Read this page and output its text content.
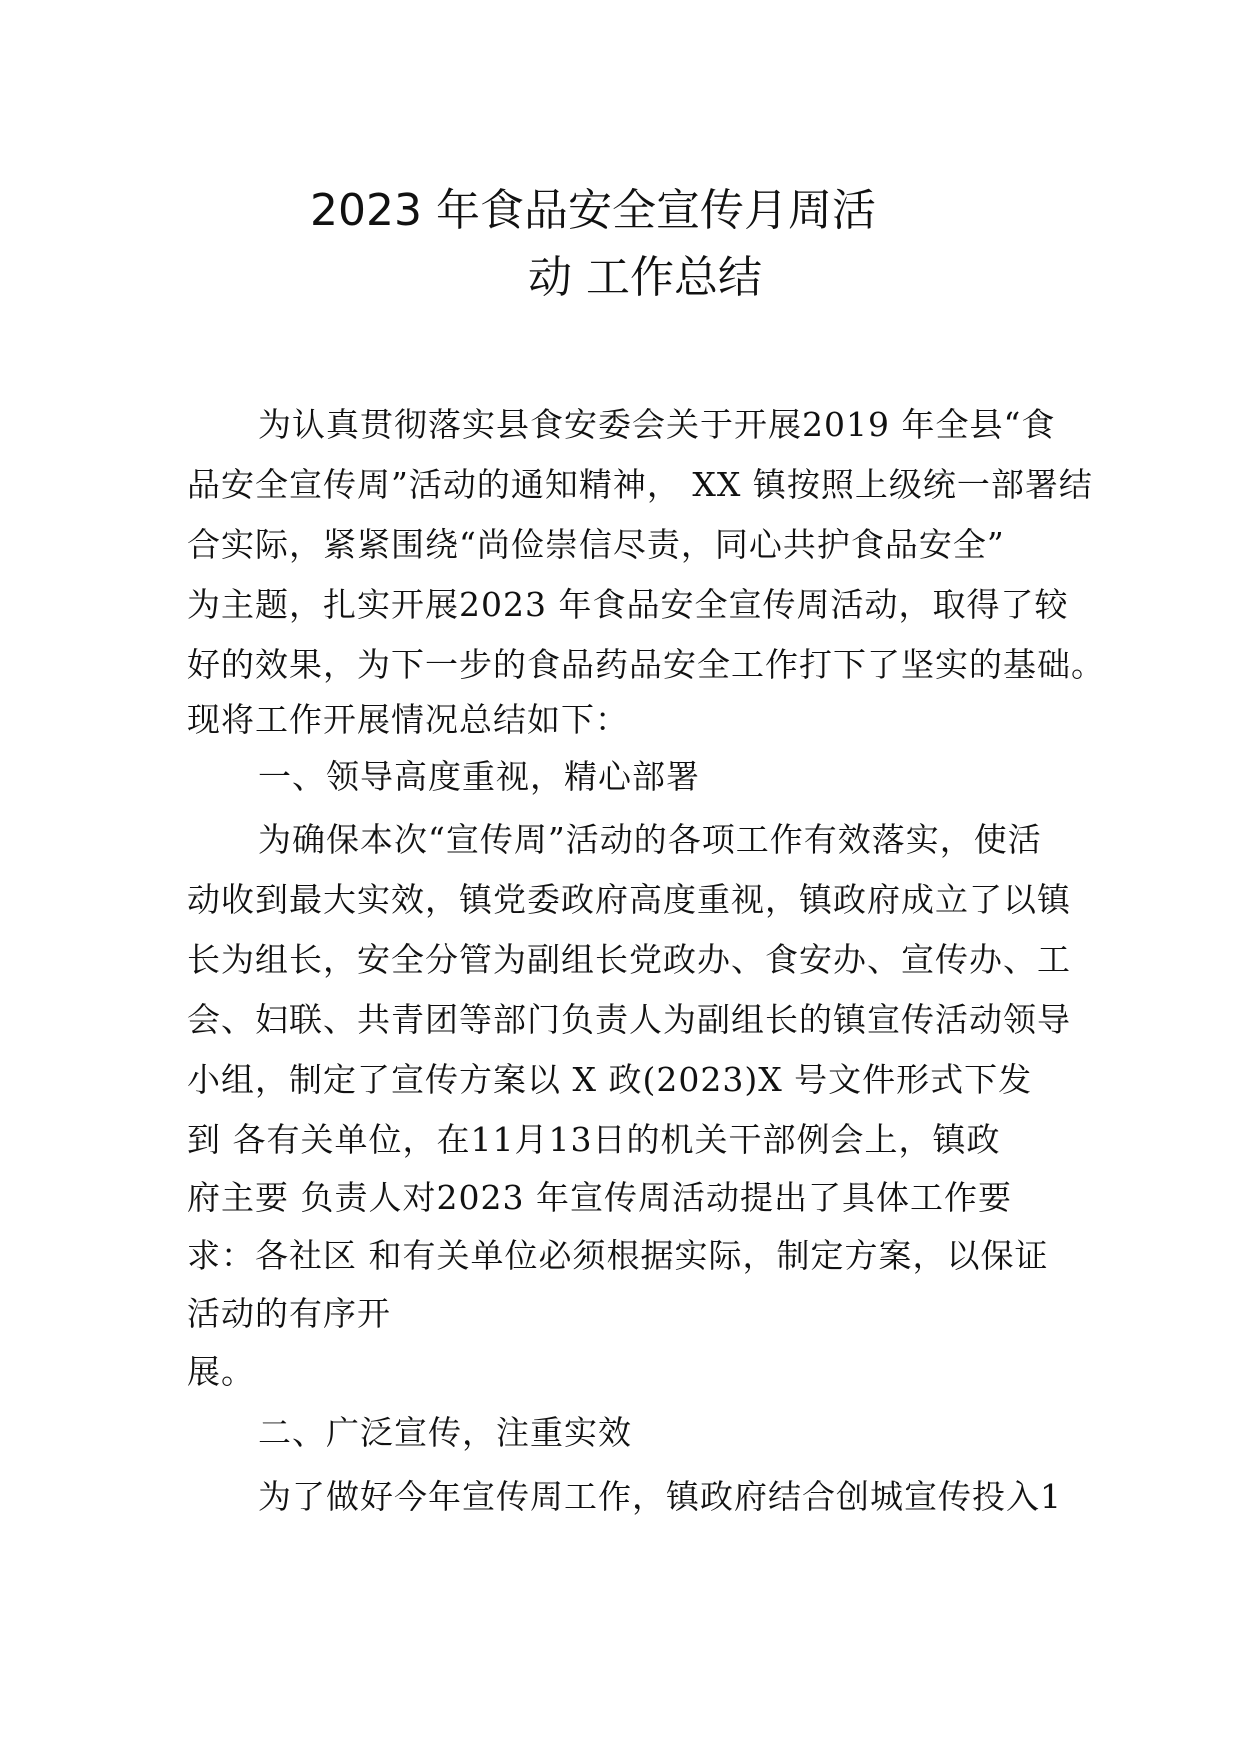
2023 年食品安全宣传月周活
动 工作总结
为认真贯彻落实县食安委会关于开展2019 年全县“食
品安全宣传周”活动的通知精神， XX 镇按照上级统一部署结
合实际，紧紧围绕“尚俭崇信尽责，同心共护食品安全”
为主题，扎实开展2023 年食品安全宣传周活动，取得了较
好的效果，为下一步的食品药品安全工作打下了坚实的基础。
现将工作开展情况总结如下：
一、领导高度重视，精心部署
为确保本次“宣传周”活动的各项工作有效落实，使活
动收到最大实效，镇党委政府高度重视，镇政府成立了以镇
长为组长，安全分管为副组长党政办、食安办、宣传办、工
会、妇联、共青团等部门负责人为副组长的镇宣传活动领导
小组，制定了宣传方案以 X 政(2023)X 号文件形式下发
到 各有关单位，在11月13日的机关干部例会上，镇政
府主要 负责人对2023 年宣传周活动提出了具体工作要
求：各社区 和有关单位必须根据实际，制定方案，以保证
活动的有序开
展。
二、广泛宣传，注重实效
为了做好今年宣传周工作，镇政府结合创城宣传投入1
